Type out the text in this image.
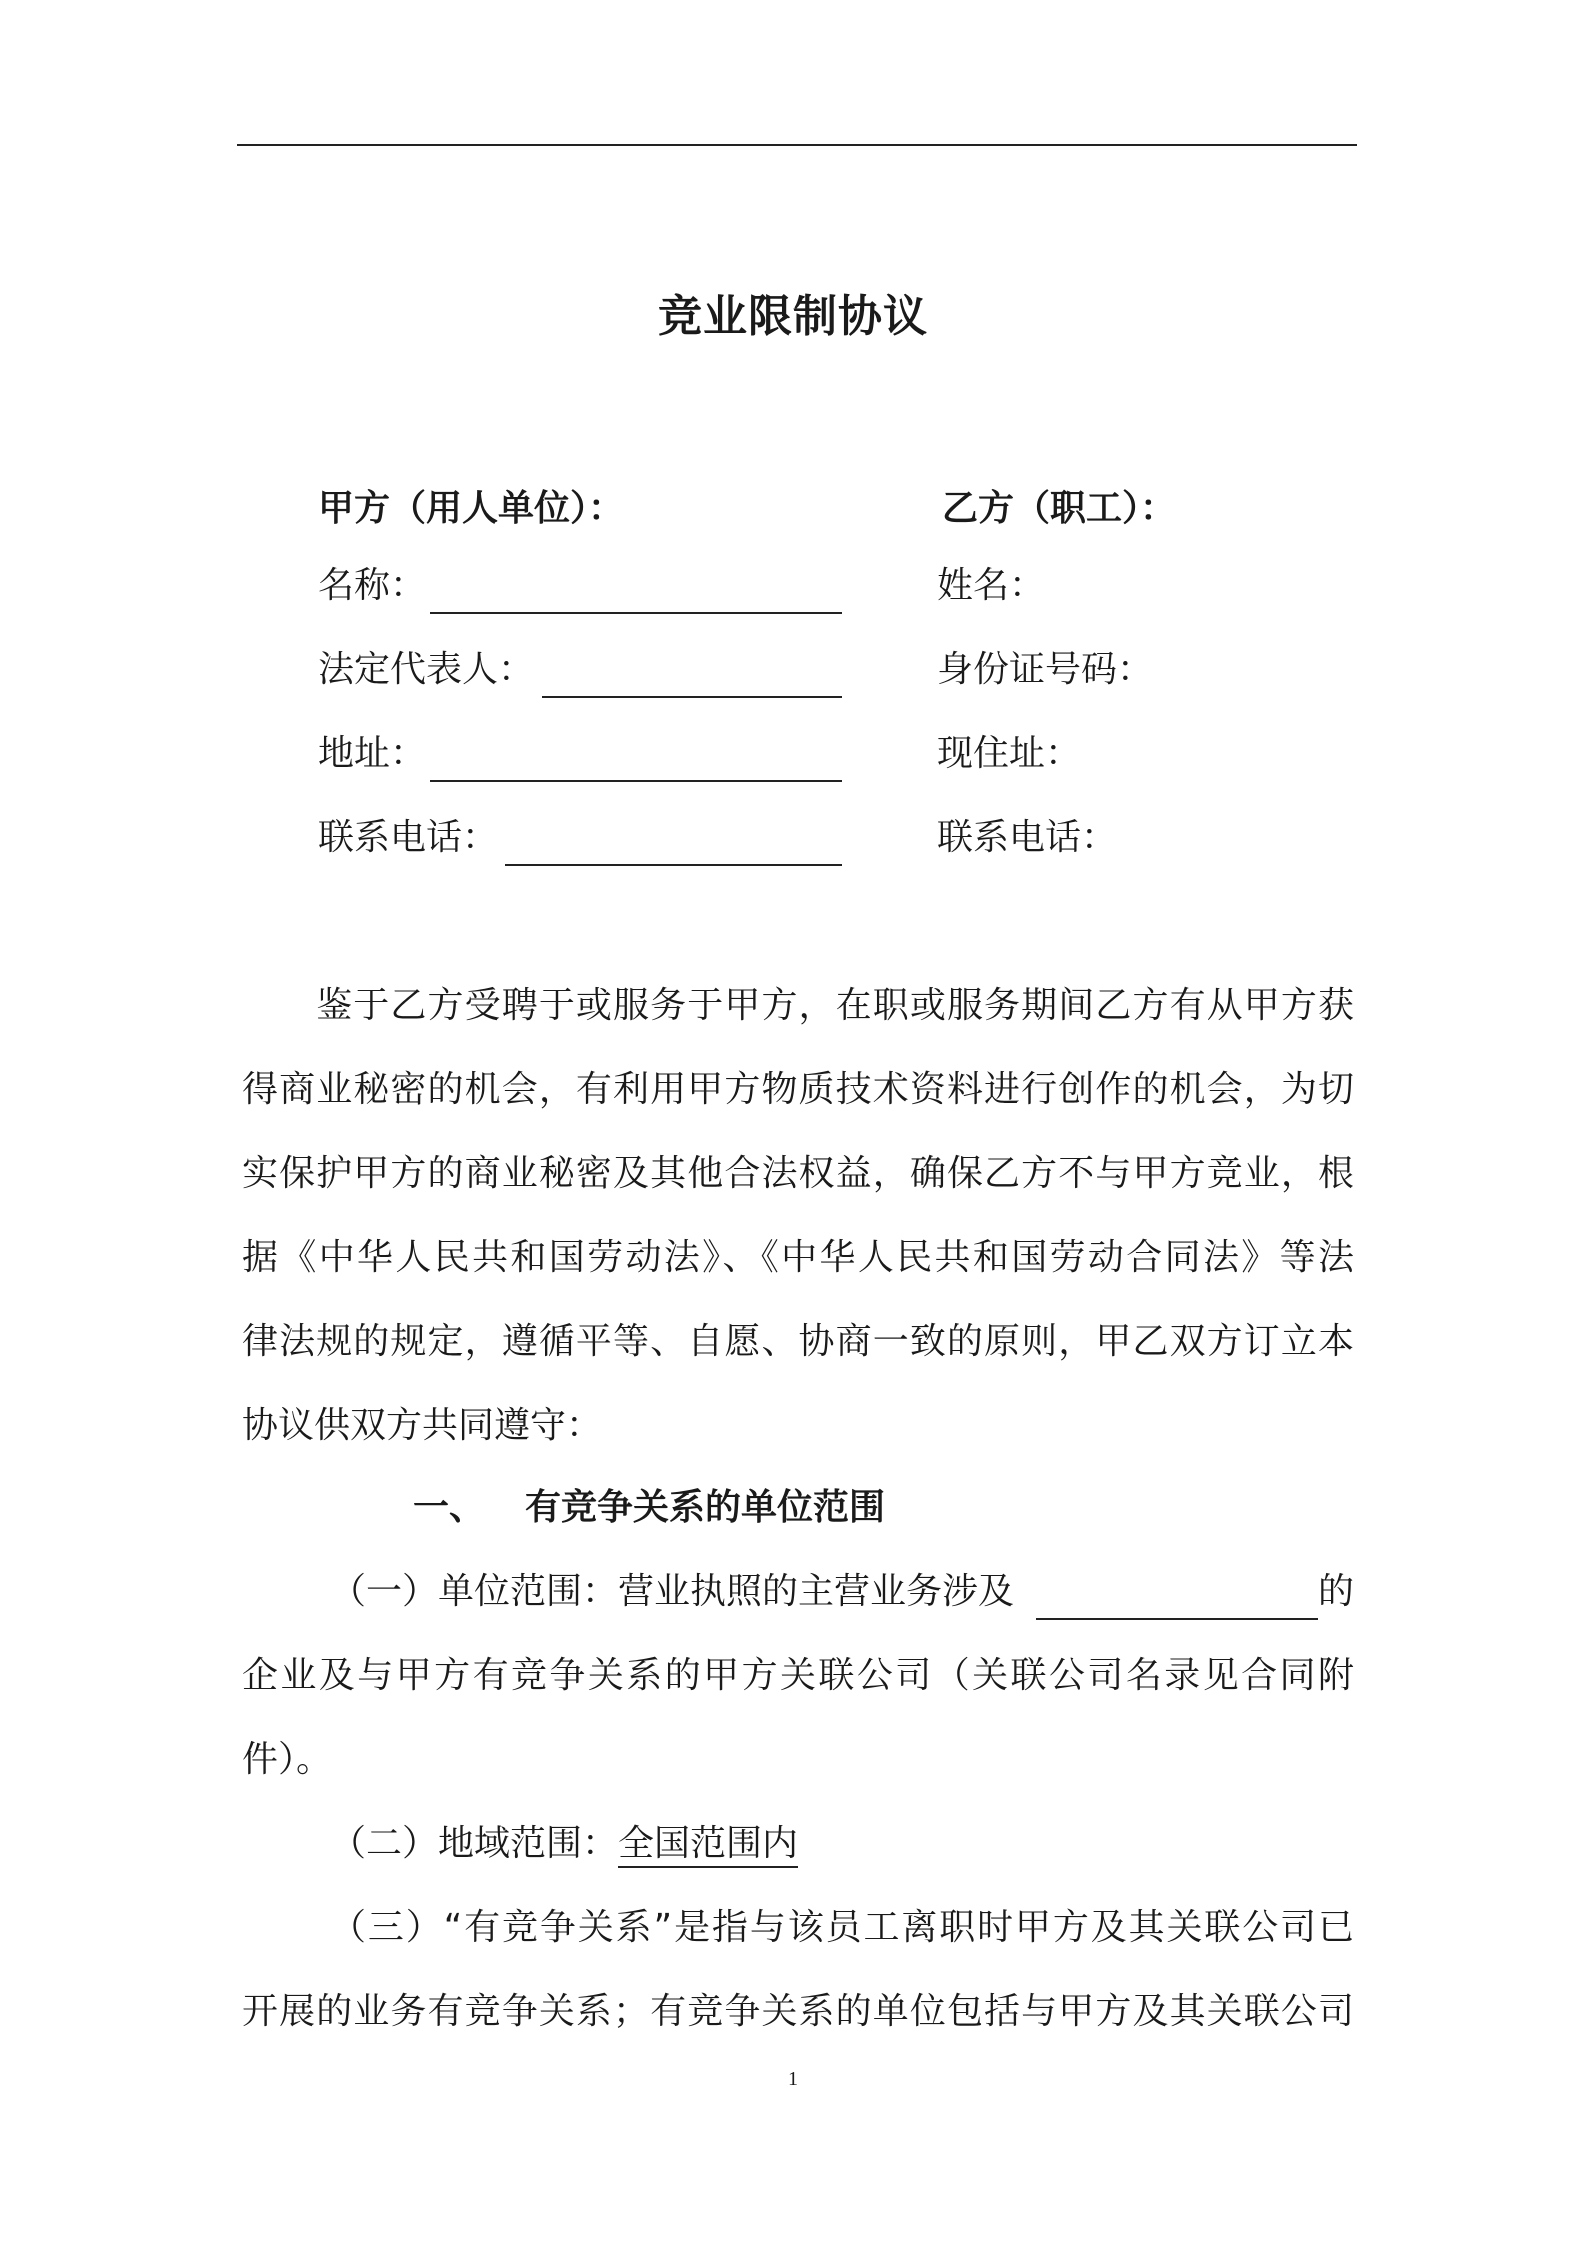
竞业限制协议
甲方（用人单位）：
名称：
法定代表人：
地址：
联系电话：
乙方（职工）：
姓名：
身份证号码：
现住址：
联系电话：
　　鉴于乙方受聘于或服务于甲方，在职或服务期间乙方有从甲方获
得商业秘密的机会，有利用甲方物质技术资料进行创作的机会，为切
实保护甲方的商业秘密及其他合法权益，确保乙方不与甲方竞业，根
据《中华人民共和国劳动法》、《中华人民共和国劳动合同法》等法
律法规的规定，遵循平等、自愿、协商一致的原则，甲乙双方订立本
协议供双方共同遵守：
一、 有竞争关系的单位范围
（一）单位范围：营业执照的主营业务涉及	的
企业及与甲方有竞争关系的甲方关联公司（关联公司名录见合同附
件）。
（二）地域范围：全国范围内
（三）“有竞争关系”是指与该员工离职时甲方及其关联公司已
开展的业务有竞争关系；有竞争关系的单位包括与甲方及其关联公司
1
